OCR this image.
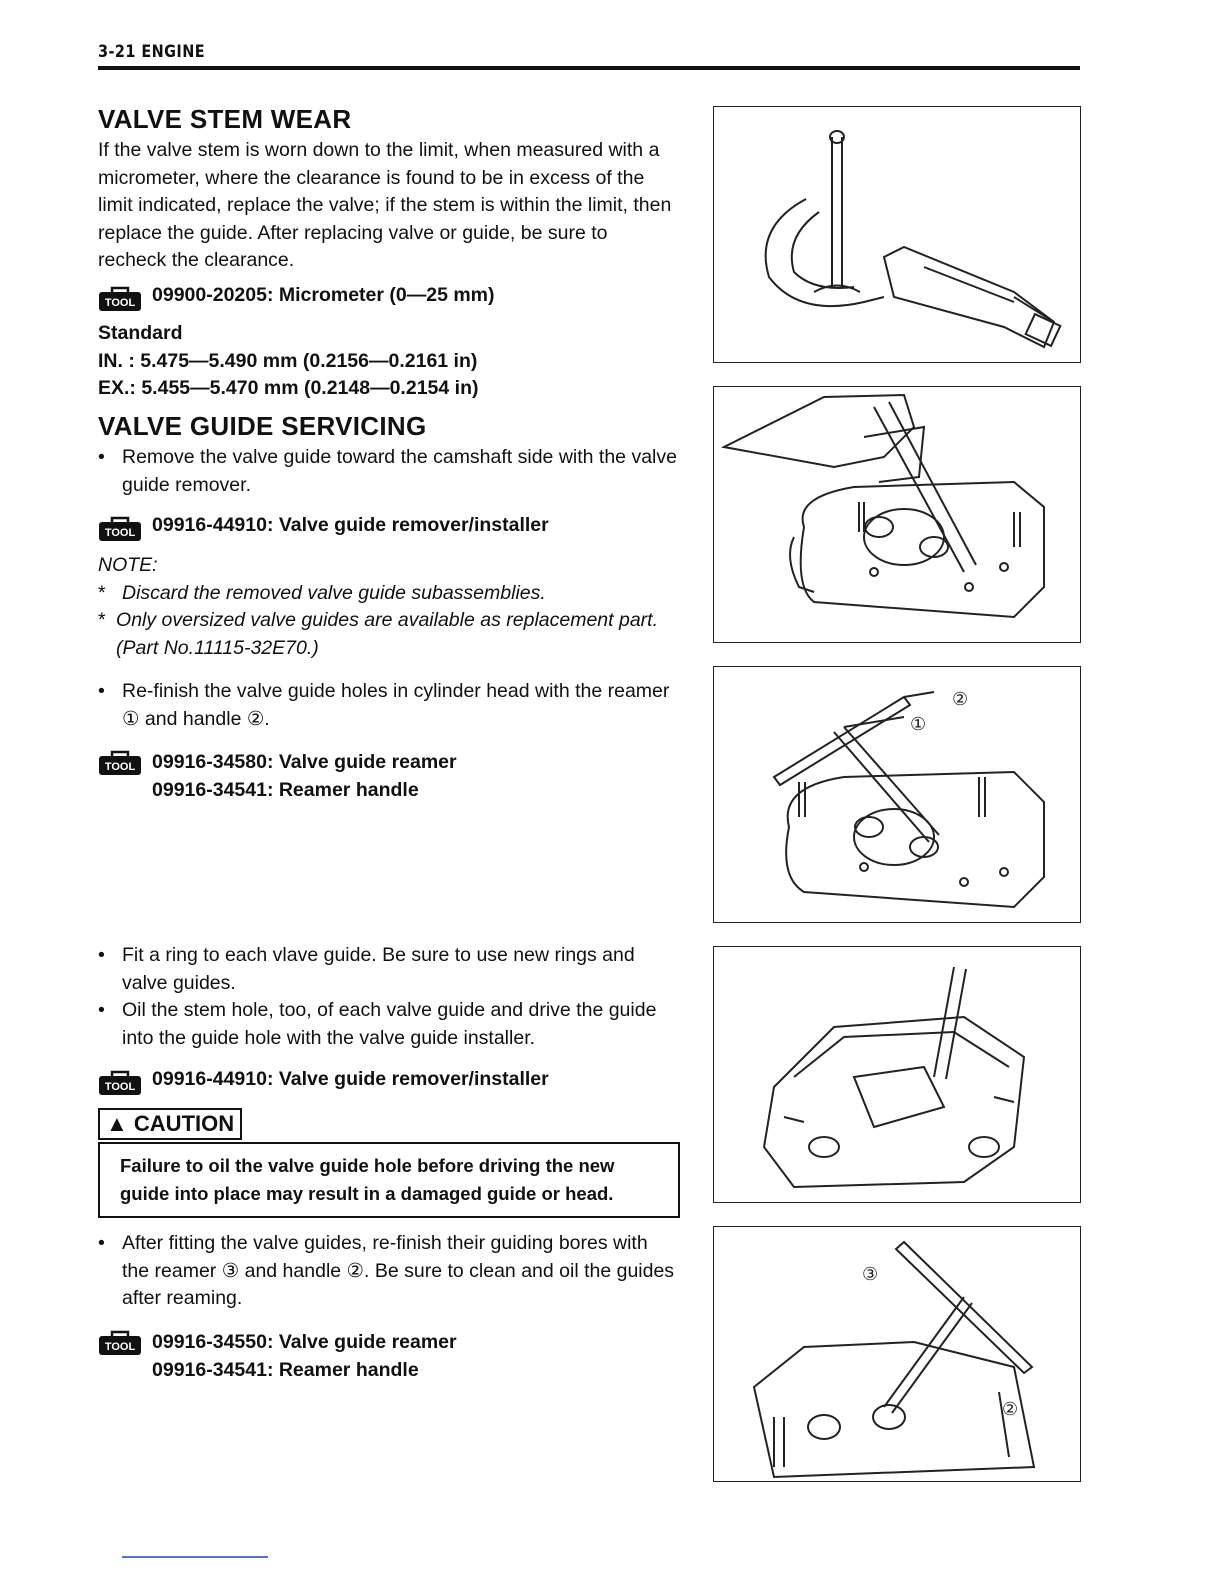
3-21 ENGINE
VALVE STEM WEAR

If the valve stem is worn down to the limit, when measured with a micrometer, where the clearance is found to be in excess of the limit indicated, replace the valve; if the stem is within the limit, then replace the guide. After replacing valve or guide, be sure to recheck the clearance.

TOOL 09900-20205: Micrometer (0—25 mm)
Standard
IN. : 5.475—5.490 mm (0.2156—0.2161 in)
EX.: 5.455—5.470 mm (0.2148—0.2154 in)
VALVE GUIDE SERVICING
• Remove the valve guide toward the camshaft side with the valve guide remover.
TOOL 09916-44910: Valve guide remover/installer
NOTE:
* Discard the removed valve guide subassemblies.
* Only oversized valve guides are available as replacement part. (Part No.11115-32E70.)
• Re-finish the valve guide holes in cylinder head with the reamer ① and handle ②.
TOOL 09916-34580: Valve guide reamer
09916-34541: Reamer handle
• Fit a ring to each vlave guide. Be sure to use new rings and valve guides.
• Oil the stem hole, too, of each valve guide and drive the guide into the guide hole with the valve guide installer.
TOOL 09916-44910: Valve guide remover/installer
▲ CAUTION
Failure to oil the valve guide hole before driving the new guide into place may result in a damaged guide or head.
• After fitting the valve guides, re-finish their guiding bores with the reamer ③ and handle ②. Be sure to clean and oil the guides after reaming.
TOOL 09916-34550: Valve guide reamer
09916-34541: Reamer handle
②
①
③
②
